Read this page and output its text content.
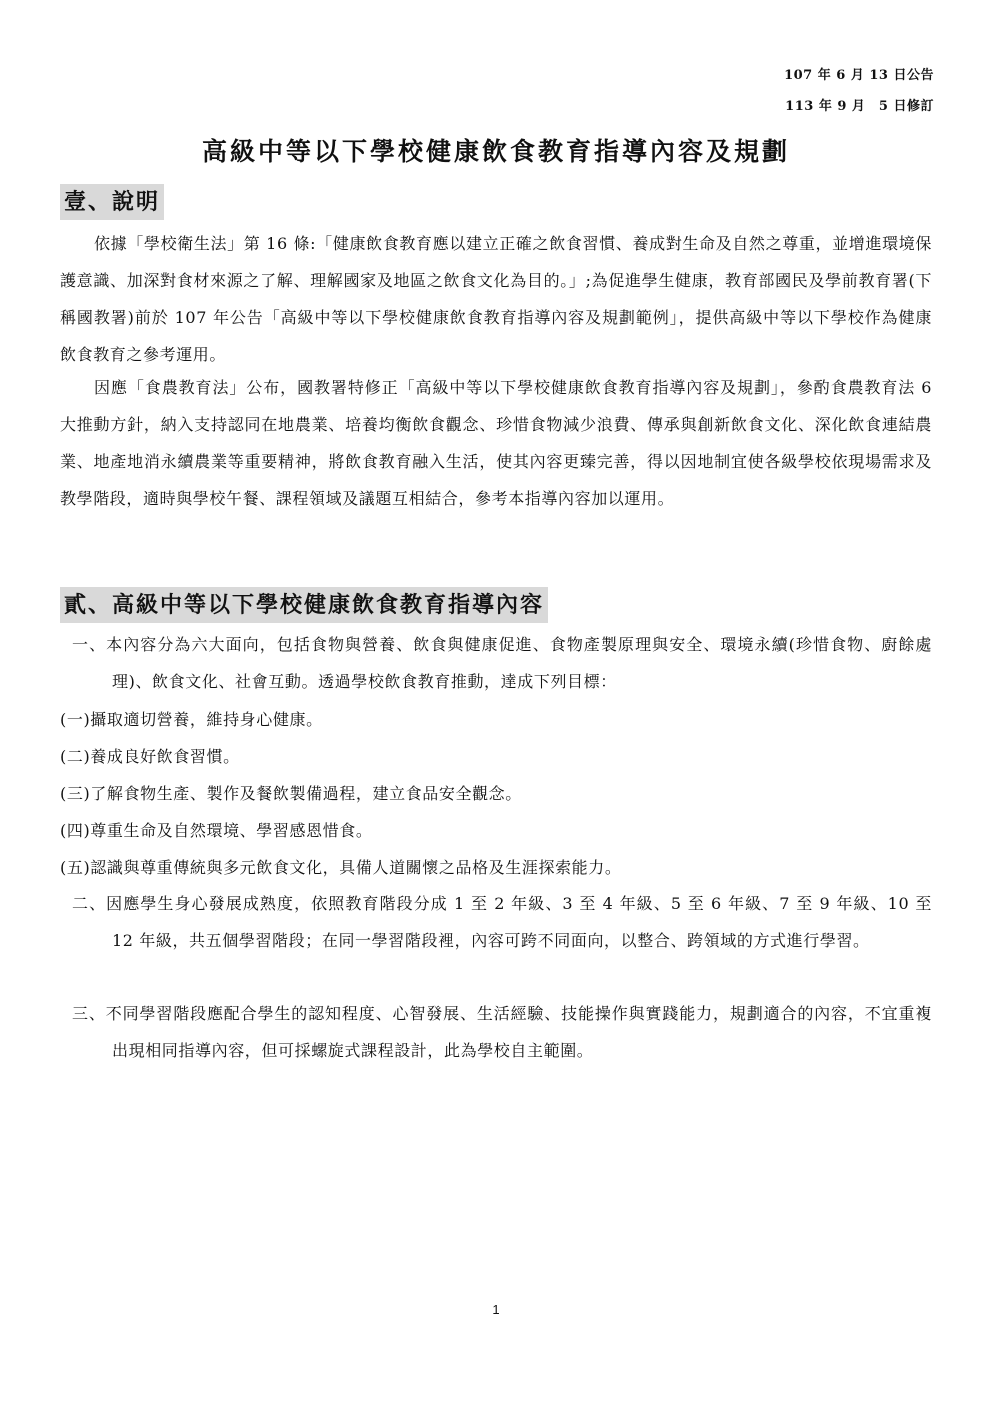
107 年 6 月 13 日公告
113 年 9 月　5 日修訂
高級中等以下學校健康飲食教育指導內容及規劃
壹、說明

依據「學校衛生法」第 16 條:「健康飲食教育應以建立正確之飲食習慣、養成對生命及自然之尊重，並增進環境保護意識、加深對食材來源之了解、理解國家及地區之飲食文化為目的。」;為促進學生健康，教育部國民及學前教育署(下稱國教署)前於 107 年公告「高級中等以下學校健康飲食教育指導內容及規劃範例」，提供高級中等以下學校作為健康飲食教育之參考運用。

因應「食農教育法」公布，國教署特修正「高級中等以下學校健康飲食教育指導內容及規劃」，參酌食農教育法 6 大推動方針，納入支持認同在地農業、培養均衡飲食觀念、珍惜食物減少浪費、傳承與創新飲食文化、深化飲食連結農業、地產地消永續農業等重要精神，將飲食教育融入生活，使其內容更臻完善，得以因地制宜使各級學校依現場需求及教學階段，適時與學校午餐、課程領域及議題互相結合，參考本指導內容加以運用。

貳、高級中等以下學校健康飲食教育指導內容

一、本內容分為六大面向，包括食物與營養、飲食與健康促進、食物產製原理與安全、環境永續(珍惜食物、廚餘處理)、飲食文化、社會互動。透過學校飲食教育推動，達成下列目標：

(一)攝取適切營養，維持身心健康。

(二)養成良好飲食習慣。

(三)了解食物生產、製作及餐飲製備過程，建立食品安全觀念。

(四)尊重生命及自然環境、學習感恩惜食。

(五)認識與尊重傳統與多元飲食文化，具備人道關懷之品格及生涯探索能力。

二、因應學生身心發展成熟度，依照教育階段分成 1 至 2 年級、3 至 4 年級、5 至 6 年級、7 至 9 年級、10 至 12 年級，共五個學習階段；在同一學習階段裡，內容可跨不同面向，以整合、跨領域的方式進行學習。

三、不同學習階段應配合學生的認知程度、心智發展、生活經驗、技能操作與實踐能力，規劃適合的內容，不宜重複出現相同指導內容，但可採螺旋式課程設計，此為學校自主範圍。

1
